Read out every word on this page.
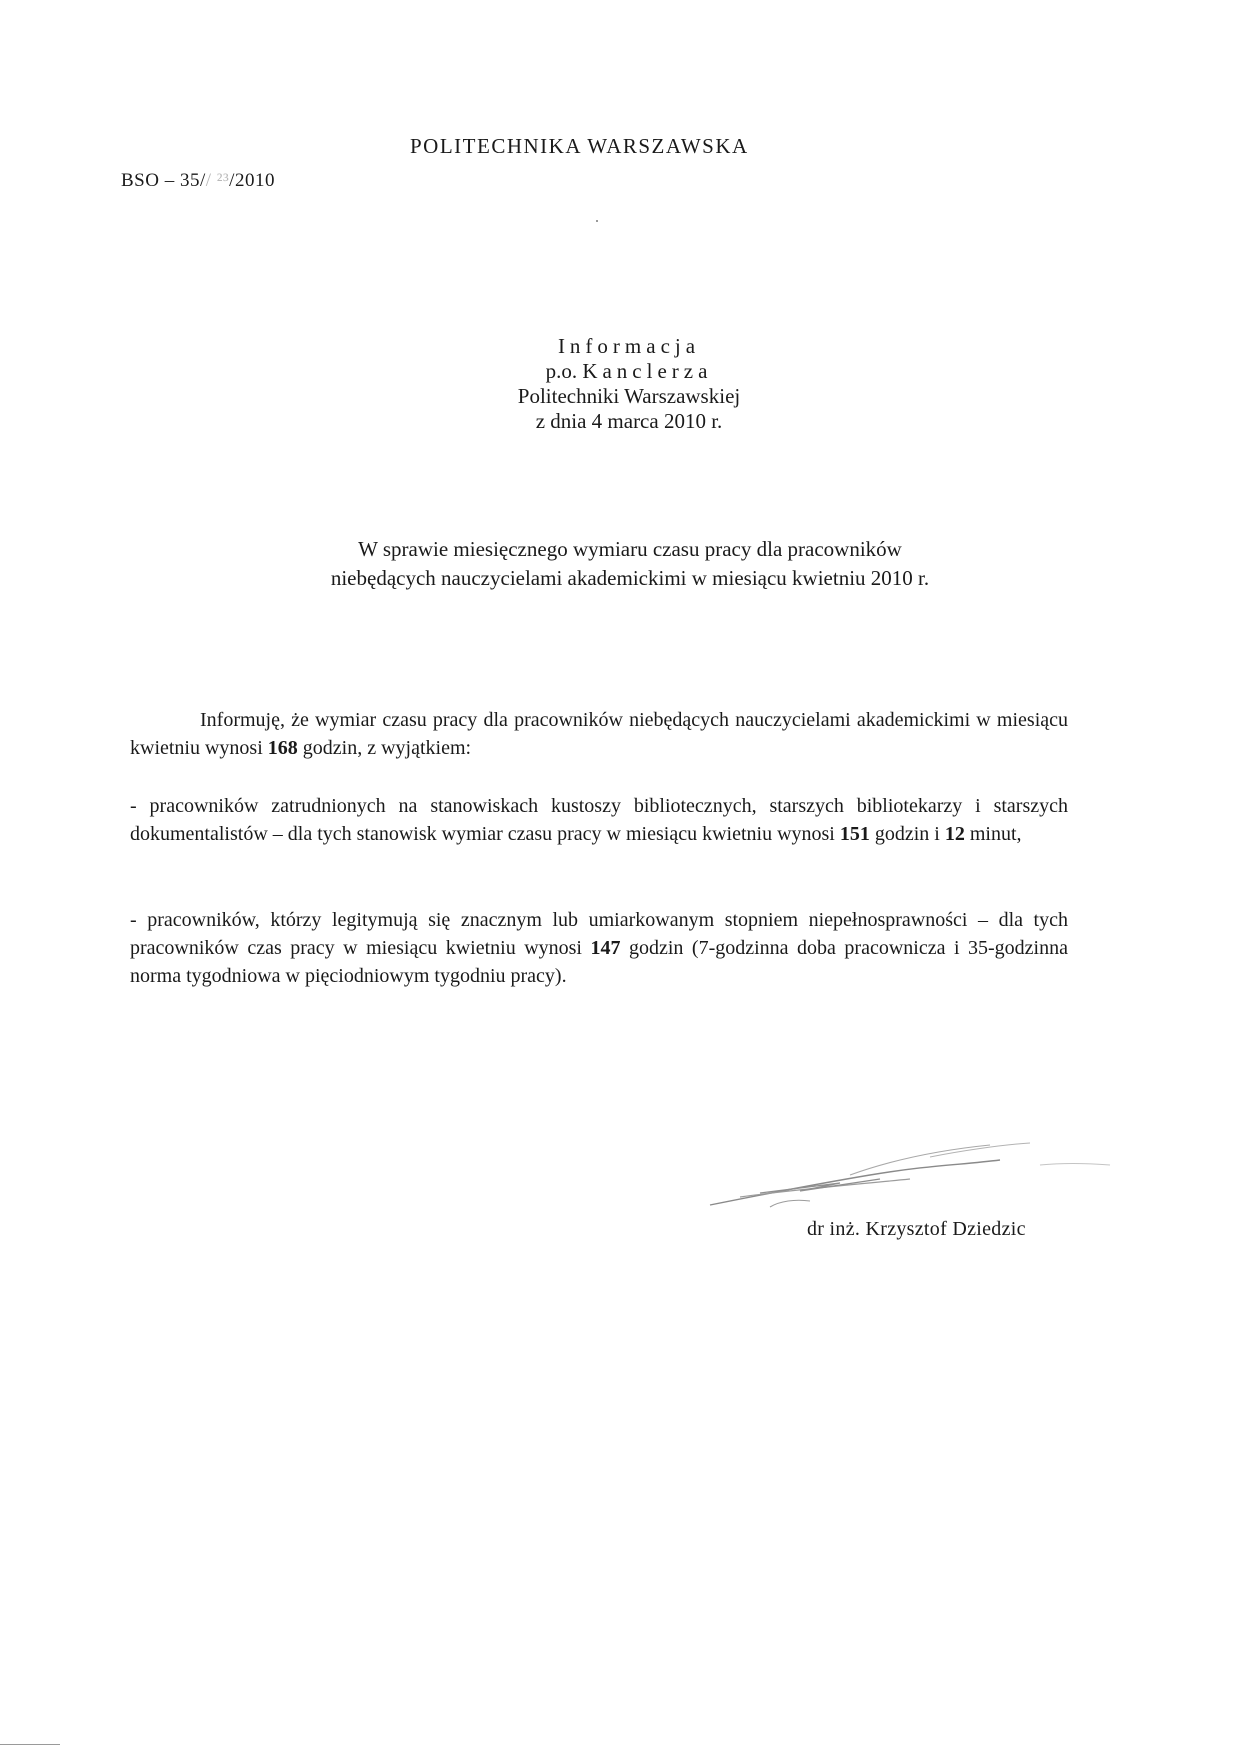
POLITECHNIKA WARSZAWSKA
BSO – 35// ²³/2010
Informacja
p.o. Kanclerza
Politechniki Warszawskiej
z dnia 4 marca 2010 r.
W sprawie miesięcznego wymiaru czasu pracy dla pracowników
niebędących nauczycielami akademickimi w miesiącu kwietniu 2010 r.
Informuję, że wymiar czasu pracy dla pracowników niebędących nauczycielami akademickimi w miesiącu kwietniu wynosi 168 godzin, z wyjątkiem:
- pracowników zatrudnionych na stanowiskach kustoszy bibliotecznych, starszych bibliotekarzy i starszych dokumentalistów – dla tych stanowisk wymiar czasu pracy w miesiącu kwietniu wynosi 151 godzin i 12 minut,
- pracowników, którzy legitymują się znacznym lub umiarkowanym stopniem niepełnosprawności – dla tych pracowników czas pracy w miesiącu kwietniu wynosi 147 godzin (7-godzinna doba pracownicza i 35-godzinna norma tygodniowa w pięciodniowym tygodniu pracy).
dr inż. Krzysztof Dziedzic
